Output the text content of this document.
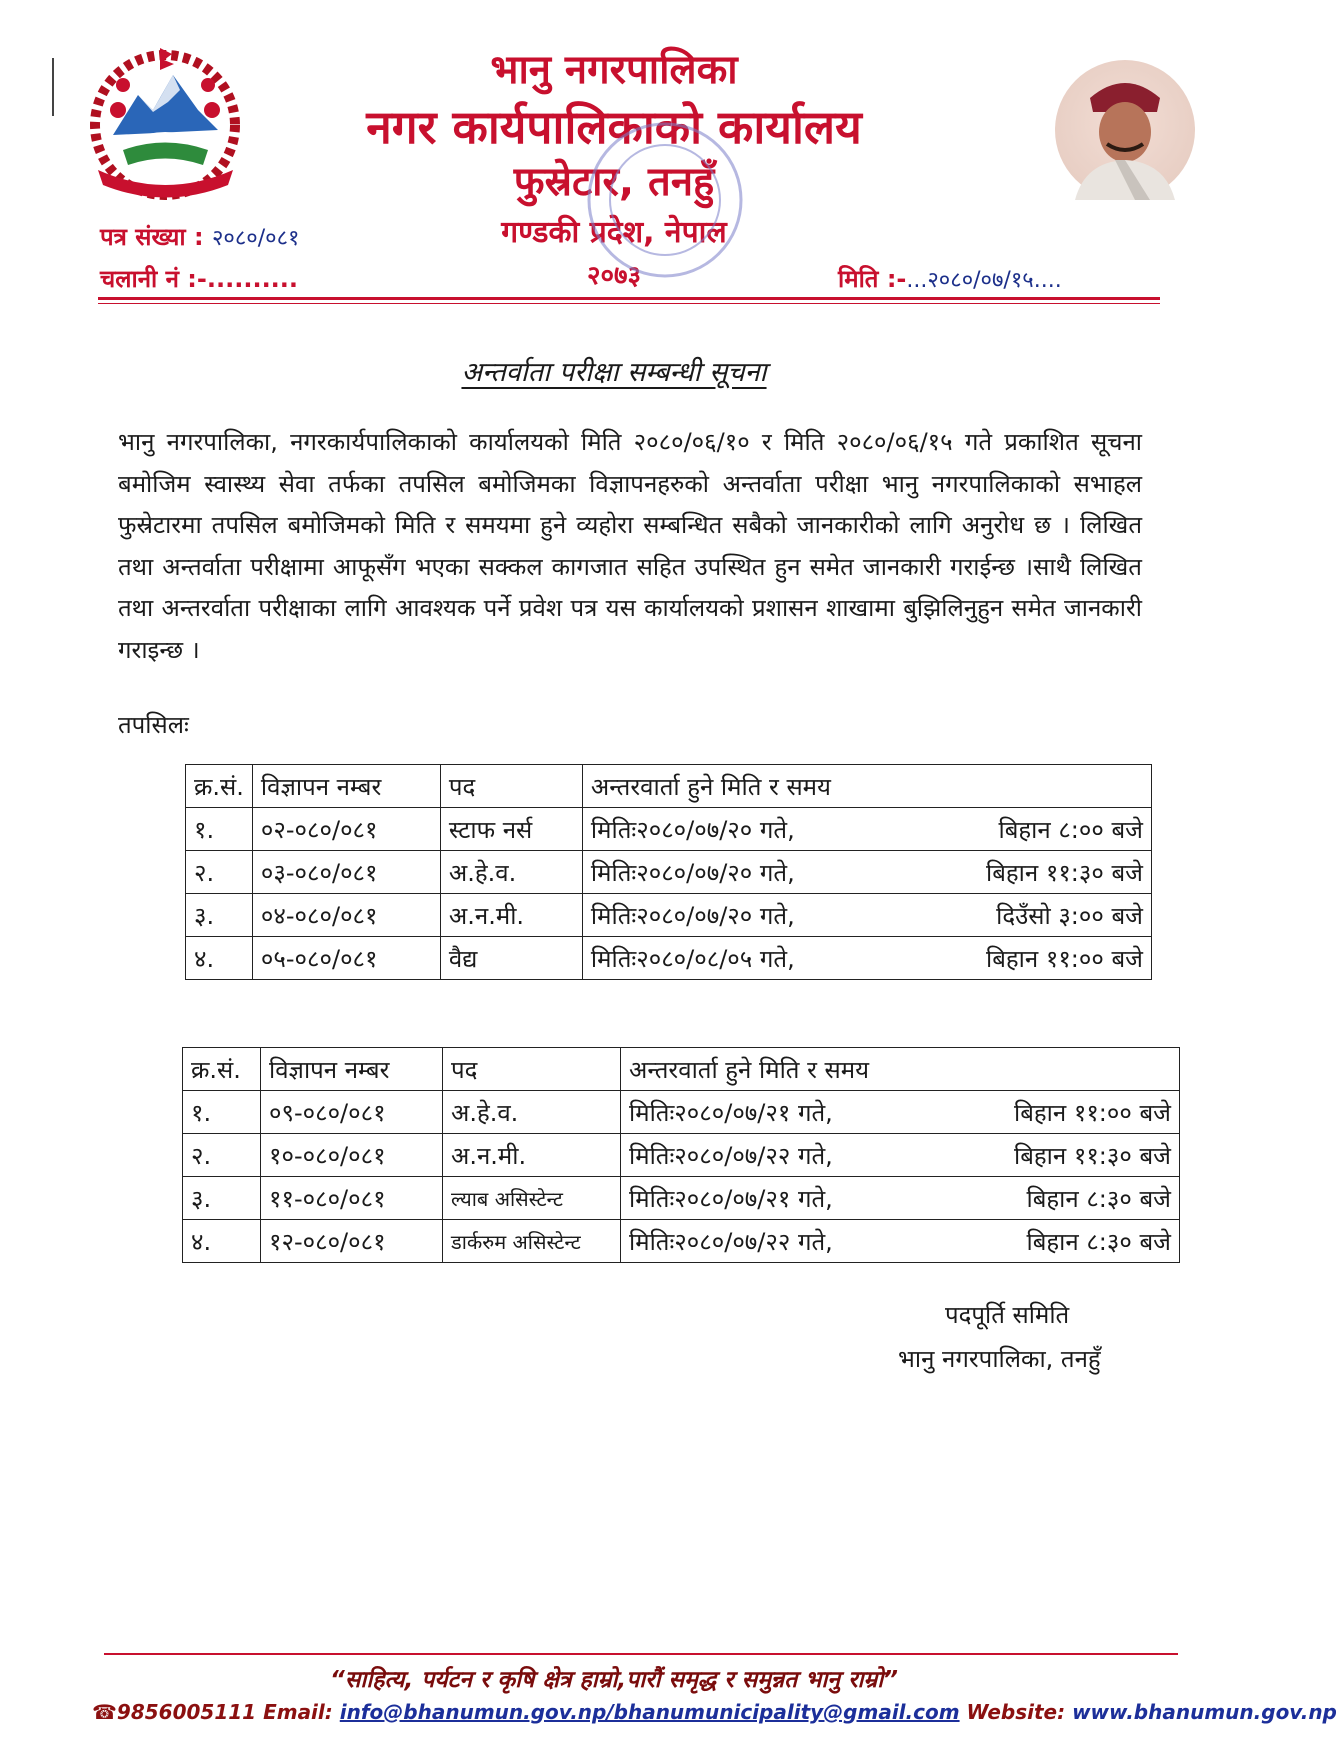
भानु नगरपालिका
नगर कार्यपालिकाको कार्यालय
फुस्रेटार, तनहुँ
गण्डकी प्रदेश, नेपाल
२०७३
पत्र संख्या : २०८०/०८१
चलानी नं :-..........	मिति :-...२०८०/०७/१५....
अन्तर्वाता परीक्षा सम्बन्धी सूचना
भानु नगरपालिका, नगरकार्यपालिकाको कार्यालयको मिति २०८०/०६/१० र मिति २०८०/०६/१५ गते प्रकाशित सूचना बमोजिम स्वास्थ्य सेवा तर्फका तपसिल बमोजिमका विज्ञापनहरुको अन्तर्वाता परीक्षा भानु नगरपालिकाको सभाहल फुस्रेटारमा तपसिल बमोजिमको मिति र समयमा हुने व्यहोरा सम्बन्धित सबैको जानकारीको लागि अनुरोध छ । लिखित तथा अन्तर्वाता परीक्षामा आफूसँग भएका सक्कल कागजात सहित उपस्थित हुन समेत जानकारी गराईन्छ ।साथै लिखित तथा अन्तरर्वाता परीक्षाका लागि आवश्यक पर्ने प्रवेश पत्र यस कार्यालयको प्रशासन शाखामा बुझिलिनुहुन समेत जानकारी गराइन्छ ।
तपसिलः
क्र.सं.	विज्ञापन नम्बर	पद	अन्तरवार्ता हुने मिति र समय
१.	०२-०८०/०८१	स्टाफ नर्स	मितिः२०८०/०७/२० गते, बिहान ८:०० बजे

२.	०३-०८०/०८१	अ.हे.व.	मितिः२०८०/०७/२० गते, बिहान ११:३० बजे

३.	०४-०८०/०८१	अ.न.मी.	मितिः२०८०/०७/२० गते, दिउँसो ३:०० बजे

४.	०५-०८०/०८१	वैद्य	मितिः२०८०/०८/०५ गते, बिहान ११:०० बजे
क्र.सं.	विज्ञापन नम्बर	पद	अन्तरवार्ता हुने मिति र समय
१.	०९-०८०/०८१	अ.हे.व.	मितिः२०८०/०७/२१ गते, बिहान ११:०० बजे

२.	१०-०८०/०८१	अ.न.मी.	मितिः२०८०/०७/२२ गते, बिहान ११:३० बजे

३.	११-०८०/०८१	ल्याब असिस्टेन्ट	मितिः२०८०/०७/२१ गते, बिहान ८:३० बजे

४.	१२-०८०/०८१	डार्करुम असिस्टेन्ट	मितिः२०८०/०७/२२ गते, बिहान ८:३० बजे
पदपूर्ति समिति
भानु नगरपालिका, तनहुँ
“साहित्य, पर्यटन र कृषि क्षेत्र हाम्रो,पारौं समृद्ध र समुन्नत भानु राम्रो”
☎9856005111 Email: info@bhanumun.gov.np/bhanumunicipality@gmail.com Website: www.bhanumun.gov.np
